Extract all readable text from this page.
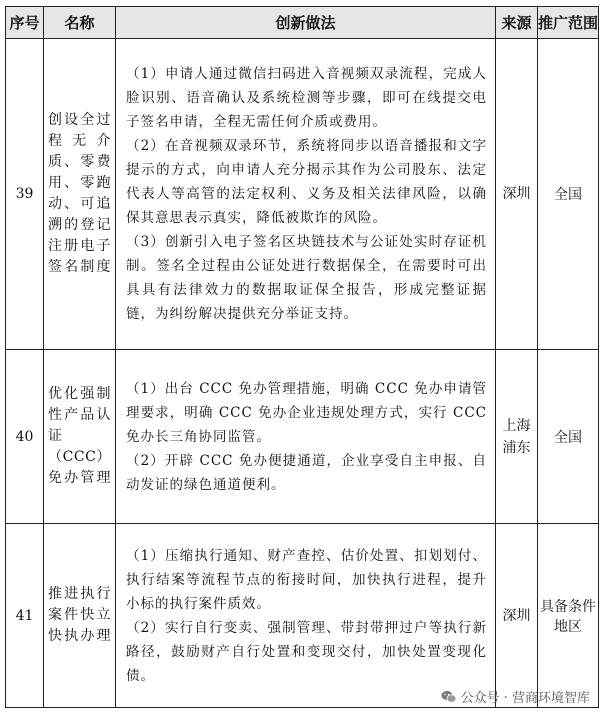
序号	名称	创新做法	来源	推广范围
39	创设全过程无介质、零费用、零跑动、可追溯的登记注册电子签名制度	（1）申请人通过微信扫码进入音视频双录流程，完成人脸识别、语音确认及系统检测等步骤，即可在线提交电子签名申请，全程无需任何介质或费用。

（2）在音视频双录环节，系统将同步以语音播报和文字提示的方式，向申请人充分揭示其作为公司股东、法定代表人等高管的法定权利、义务及相关法律风险，以确保其意思表示真实，降低被欺诈的风险。

（3）创新引入电子签名区块链技术与公证处实时存证机制。签名全过程由公证处进行数据保全，在需要时可出具具有法律效力的数据取证保全报告，形成完整证据链，为纠纷解决提供充分举证支持。	深圳	全国
40	优化强制性产品认证（CCC）免办管理	（1）出台 CCC 免办管理措施，明确 CCC 免办申请管理要求，明确 CCC 免办企业违规处理方式，实行 CCC 免办长三角协同监管。

（2）开辟 CCC 免办便捷通道，企业享受自主申报、自动发证的绿色通道便利。	上海浦东	全国
41	推进执行案件快立快执办理	（1）压缩执行通知、财产查控、估价处置、扣划划付、执行结案等流程节点的衔接时间，加快执行进程，提升小标的执行案件质效。

（2）实行自行变卖、强制管理、带封带押过户等执行新路径，鼓励财产自行处置和变现交付，加快处置变现化债。	深圳	具备条件地区
公众号 · 营商环境智库
